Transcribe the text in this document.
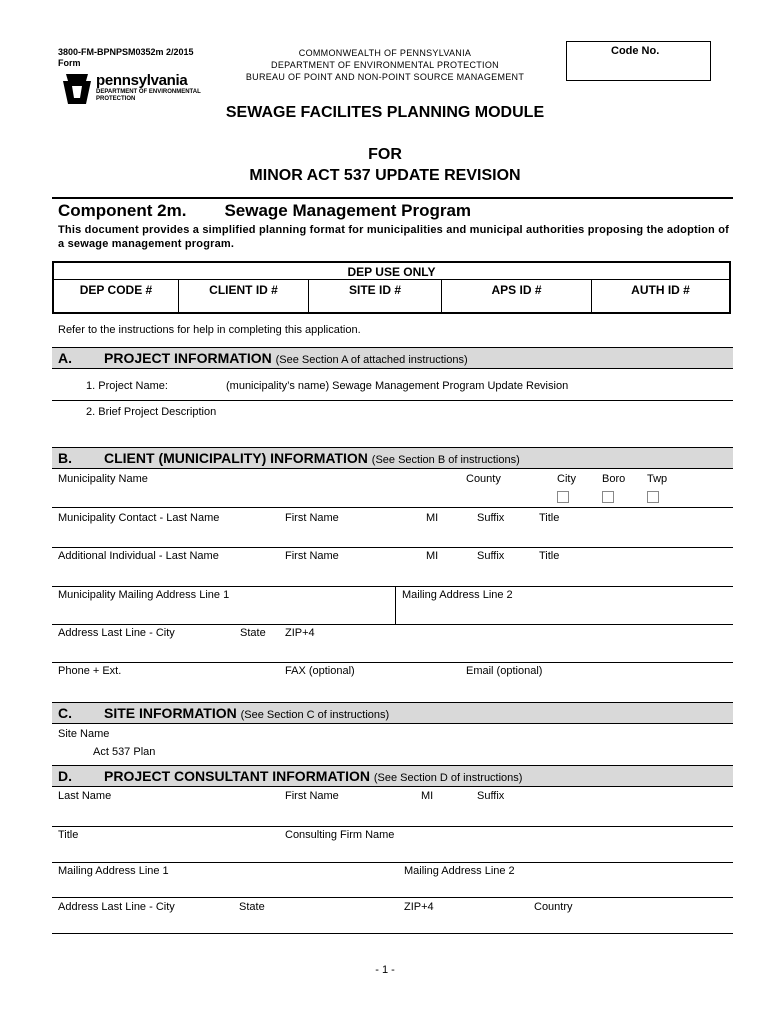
3800-FM-BPNPSM0352m 2/2015
Form
pennsylvania
DEPARTMENT OF ENVIRONMENTAL
PROTECTION
COMMONWEALTH OF PENNSYLVANIA
DEPARTMENT OF ENVIRONMENTAL PROTECTION
BUREAU OF POINT AND NON-POINT SOURCE MANAGEMENT
Code No.
SEWAGE FACILITES PLANNING MODULE
FOR
MINOR ACT 537 UPDATE REVISION
Component 2m. Sewage Management Program
This document provides a simplified planning format for municipalities and municipal authorities proposing the adoption of a sewage management program.
DEP USE ONLY
DEP CODE #	CLIENT ID #	SITE ID #	APS ID #	AUTH ID #
Refer to the instructions for help in completing this application.
A. PROJECT INFORMATION (See Section A of attached instructions)
1. Project Name:	(municipality’s name) Sewage Management Program Update Revision
2. Brief Project Description
B. CLIENT (MUNICIPALITY) INFORMATION (See Section B of instructions)
Municipality Name	County	City Boro Twp
Municipality Contact - Last Name	First Name	MI	Suffix	Title
Additional Individual - Last Name	First Name	MI	Suffix	Title
Municipality Mailing Address Line 1	Mailing Address Line 2
Address Last Line - City	State ZIP+4
Phone + Ext.	FAX (optional)	Email (optional)
C. SITE INFORMATION (See Section C of instructions)
Site Name
Act 537 Plan
D. PROJECT CONSULTANT INFORMATION (See Section D of instructions)
Last Name	First Name	MI	Suffix
Title	Consulting Firm Name
Mailing Address Line 1	Mailing Address Line 2
Address Last Line - City	State	ZIP+4	Country
- 1 -
